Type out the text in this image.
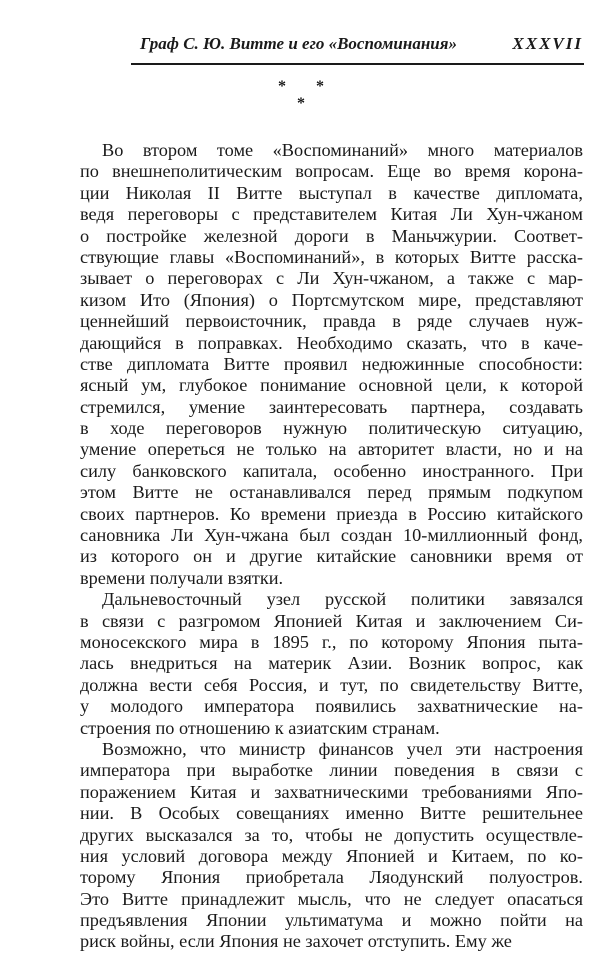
Граф С. Ю. Витте и его «Воспоминания»	XXXVII
* *
*
Во втором томе «Воспоминаний» много материалов
по внешнеполитическим вопросам. Еще во время корона-
ции Николая II Витте выступал в качестве дипломата,
ведя переговоры с представителем Китая Ли Хун-чжаном
о постройке железной дороги в Маньчжурии. Соответ-
ствующие главы «Воспоминаний», в которых Витте расска-
зывает о переговорах с Ли Хун-чжаном, а также с мар-
кизом Ито (Япония) о Портсмутском мире, представляют
ценнейший первоисточник, правда в ряде случаев нуж-
дающийся в поправках. Необходимо сказать, что в каче-
стве дипломата Витте проявил недюжинные способности:
ясный ум, глубокое понимание основной цели, к которой
стремился, умение заинтересовать партнера, создавать
в ходе переговоров нужную политическую ситуацию,
умение опереться не только на авторитет власти, но и на
силу банковского капитала, особенно иностранного. При
этом Витте не останавливался перед прямым подкупом
своих партнеров. Ко времени приезда в Россию китайского
сановника Ли Хун-чжана был создан 10-миллионный фонд,
из которого он и другие китайские сановники время от
времени получали взятки.
Дальневосточный узел русской политики завязался
в связи с разгромом Японией Китая и заключением Си-
моносекского мира в 1895 г., по которому Япония пыта-
лась внедриться на материк Азии. Возник вопрос, как
должна вести себя Россия, и тут, по свидетельству Витте,
у молодого императора появились захватнические на-
строения по отношению к азиатским странам.
Возможно, что министр финансов учел эти настроения
императора при выработке линии поведения в связи с
поражением Китая и захватническими требованиями Япо-
нии. В Особых совещаниях именно Витте решительнее
других высказался за то, чтобы не допустить осуществле-
ния условий договора между Японией и Китаем, по ко-
торому Япония приобретала Ляодунский полуостров.
Это Витте принадлежит мысль, что не следует опасаться
предъявления Японии ультиматума и можно пойти на
риск войны, если Япония не захочет отступить. Ему же
